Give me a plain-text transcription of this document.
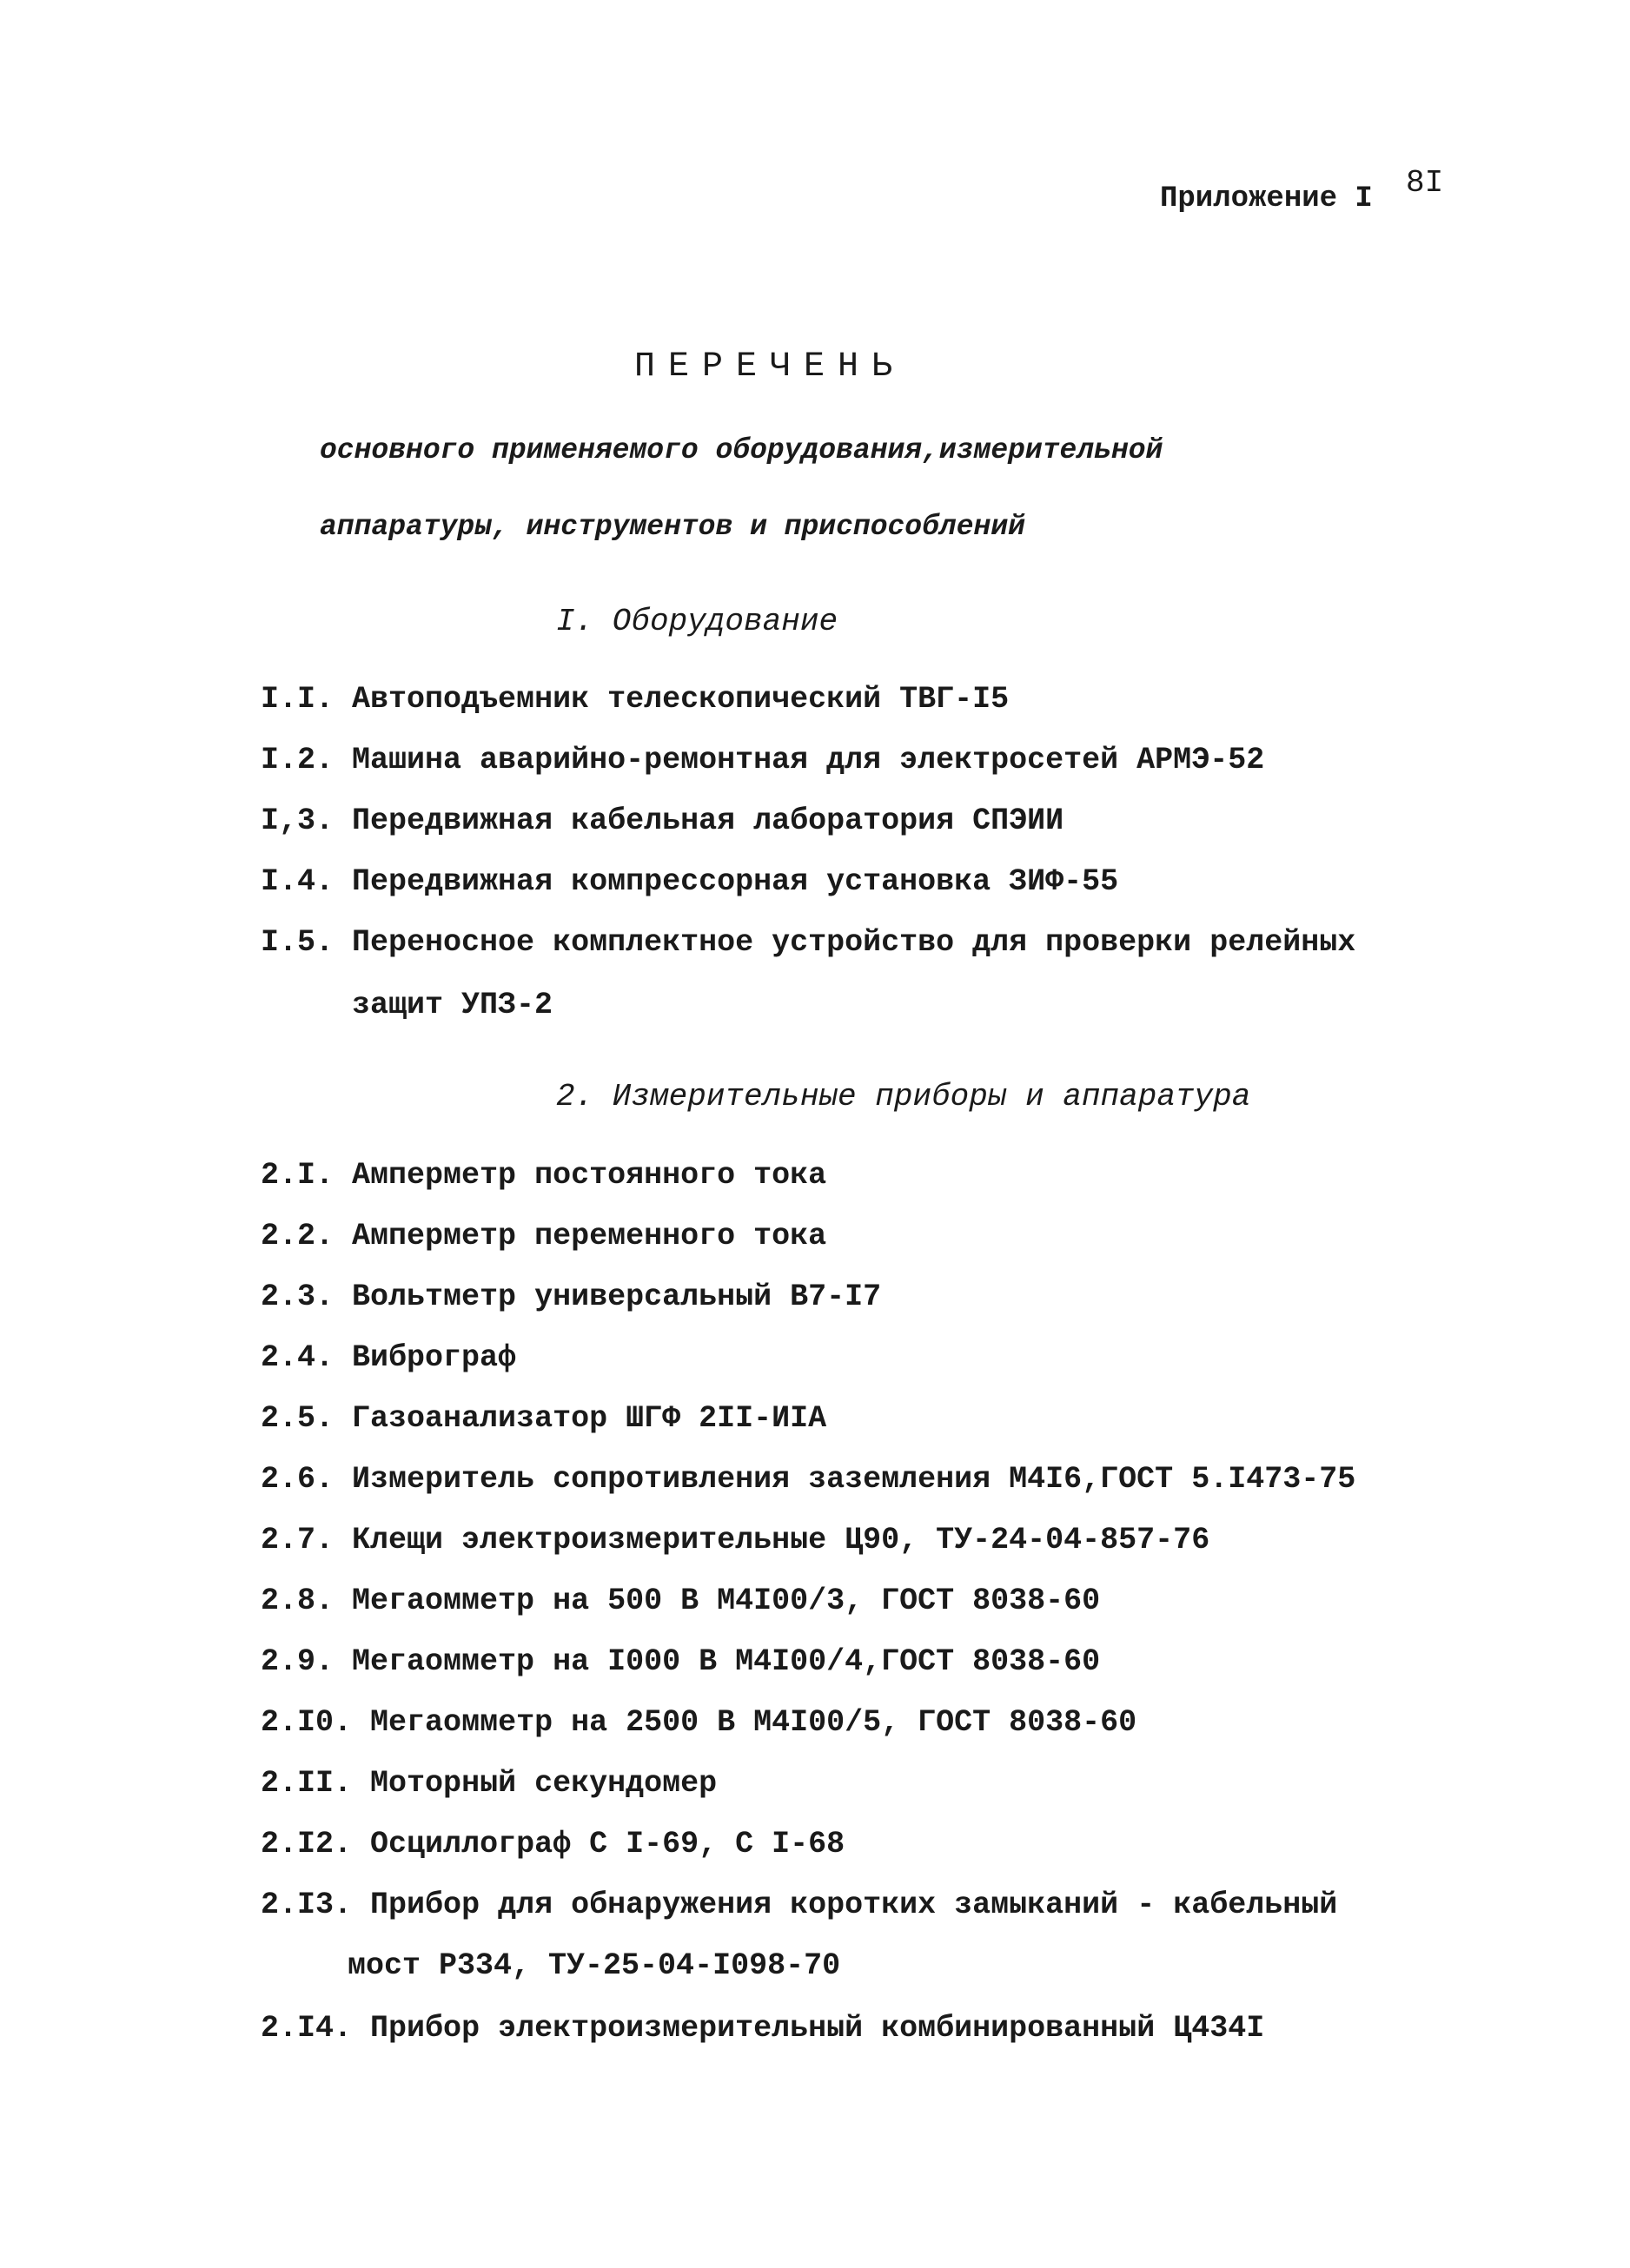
Приложение I 8I
ПЕРЕЧЕНЬ
основного применяемого оборудования,измерительной
аппаратуры, инструментов и приспособлений
I. Оборудование
I.I. Автоподъемник телескопический ТВГ-I5
I.2. Машина аварийно-ремонтная для электросетей АРМЭ-52
I,3. Передвижная кабельная лаборатория СПЭИИ
I.4. Передвижная компрессорная установка ЗИФ-55
I.5. Переносное комплектное устройство для проверки релейных
защит УПЗ-2
2. Измерительные приборы и аппаратура
2.I. Амперметр постоянного тока
2.2. Амперметр переменного тока
2.3. Вольтметр универсальный В7-I7
2.4. Виброграф
2.5. Газоанализатор ШГФ 2II-ИIА
2.6. Измеритель сопротивления заземления М4I6,ГОСТ 5.I473-75
2.7. Клещи электроизмерительные Ц90, ТУ-24-04-857-76
2.8. Мегаомметр на 500 В М4I00/3, ГОСТ 8038-60
2.9. Мегаомметр на I000 В М4I00/4,ГОСТ 8038-60
2.I0. Мегаомметр на 2500 В М4I00/5, ГОСТ 8038-60
2.II. Моторный секундомер
2.I2. Осциллограф С I-69, С I-68
2.I3. Прибор для обнаружения коротких замыканий - кабельный
мост Р334, ТУ-25-04-I098-70
2.I4. Прибор электроизмерительный комбинированный Ц434I
